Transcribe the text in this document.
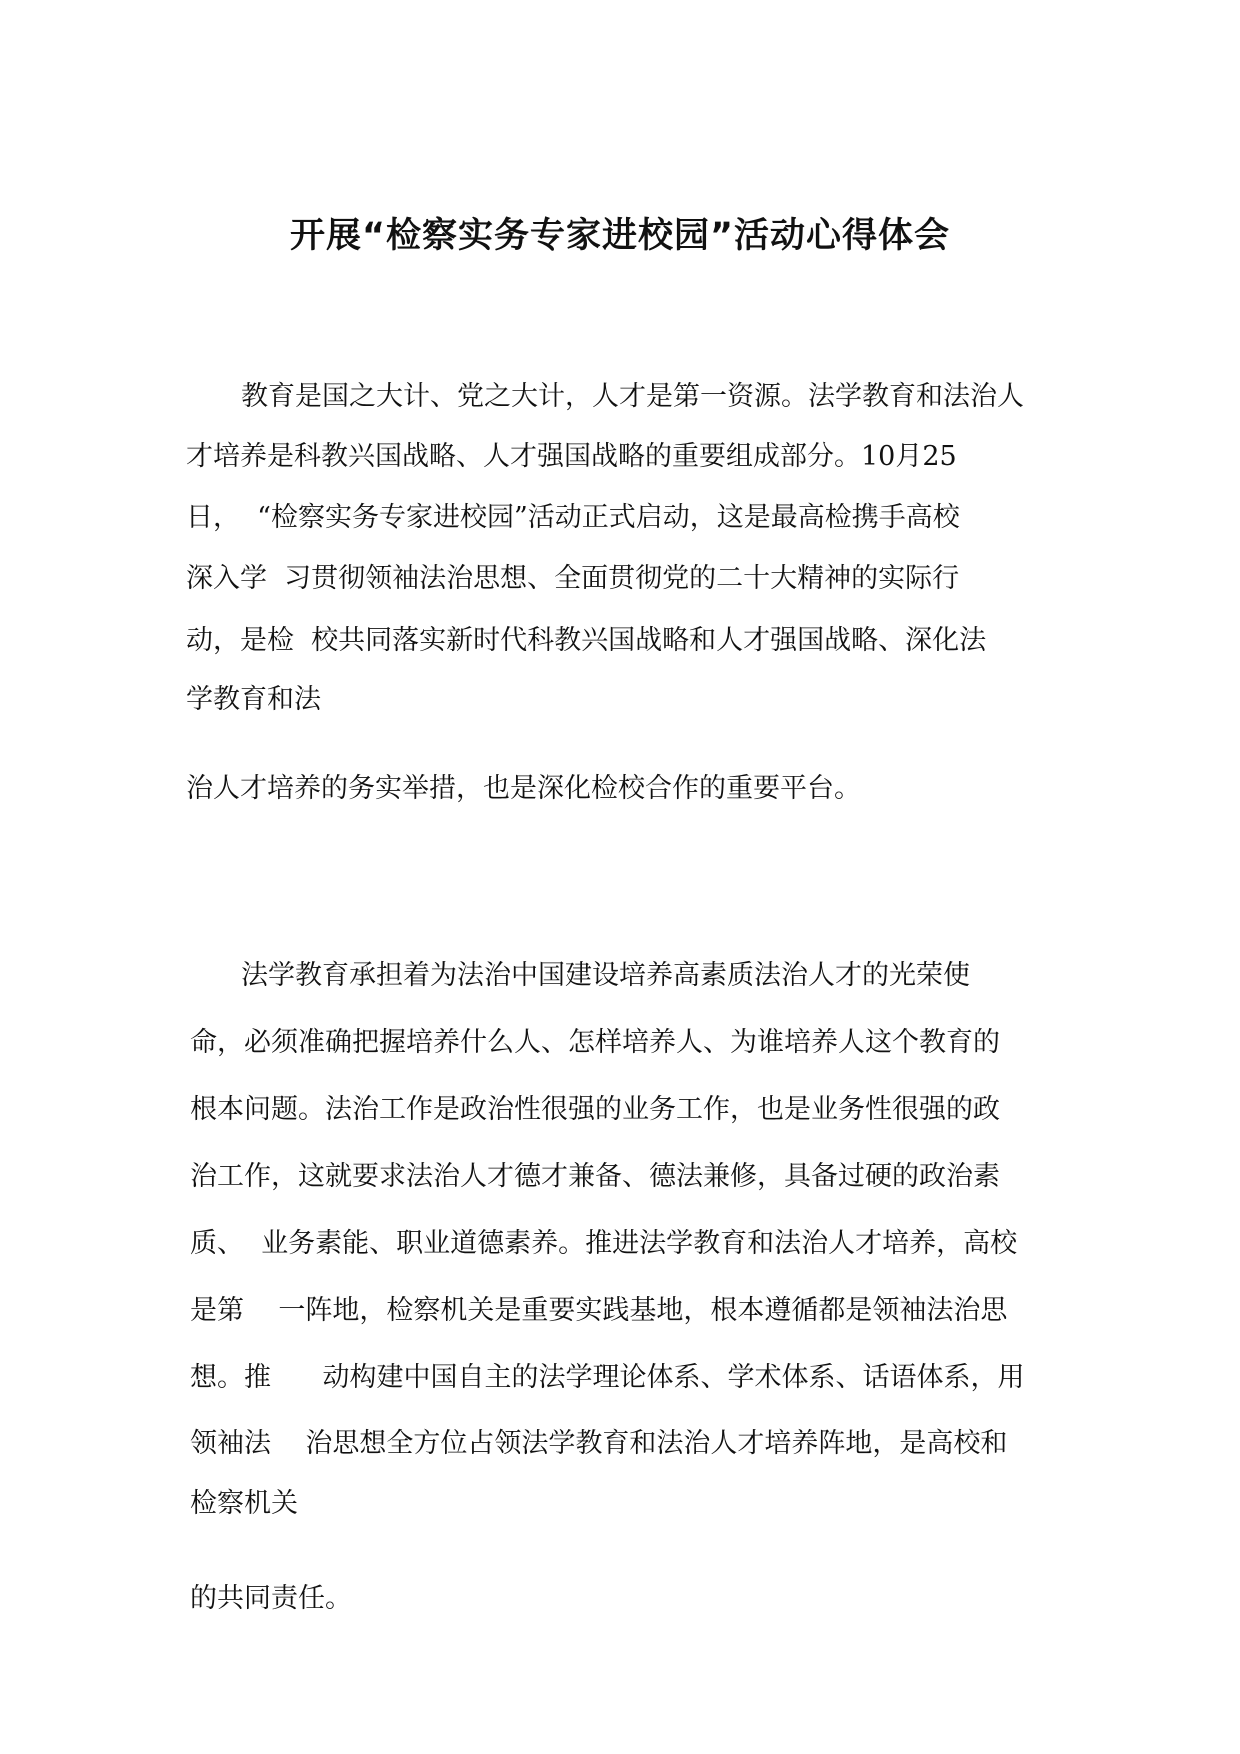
开展“检察实务专家进校园”活动心得体会

教育是国之大计、党之大计，人才是第一资源。法学教育和法治人

才培养是科教兴国战略、人才强国战略的重要组成部分。10月25

日，  “检察实务专家进校园”活动正式启动，这是最高检携手高校

深入学  习贯彻领袖法治思想、全面贯彻党的二十大精神的实际行

动，是检  校共同落实新时代科教兴国战略和人才强国战略、深化法

学教育和法

治人才培养的务实举措，也是深化检校合作的重要平台。

法学教育承担着为法治中国建设培养高素质法治人才的光荣使

命，必须准确把握培养什么人、怎样培养人、为谁培养人这个教育的

根本问题。法治工作是政治性很强的业务工作，也是业务性很强的政

治工作，这就要求法治人才德才兼备、德法兼修，具备过硬的政治素

质、  业务素能、职业道德素养。推进法学教育和法治人才培养，高校

是第    一阵地，检察机关是重要实践基地，根本遵循都是领袖法治思

想。推      动构建中国自主的法学理论体系、学术体系、话语体系，用

领袖法    治思想全方位占领法学教育和法治人才培养阵地，是高校和

检察机关

的共同责任。
